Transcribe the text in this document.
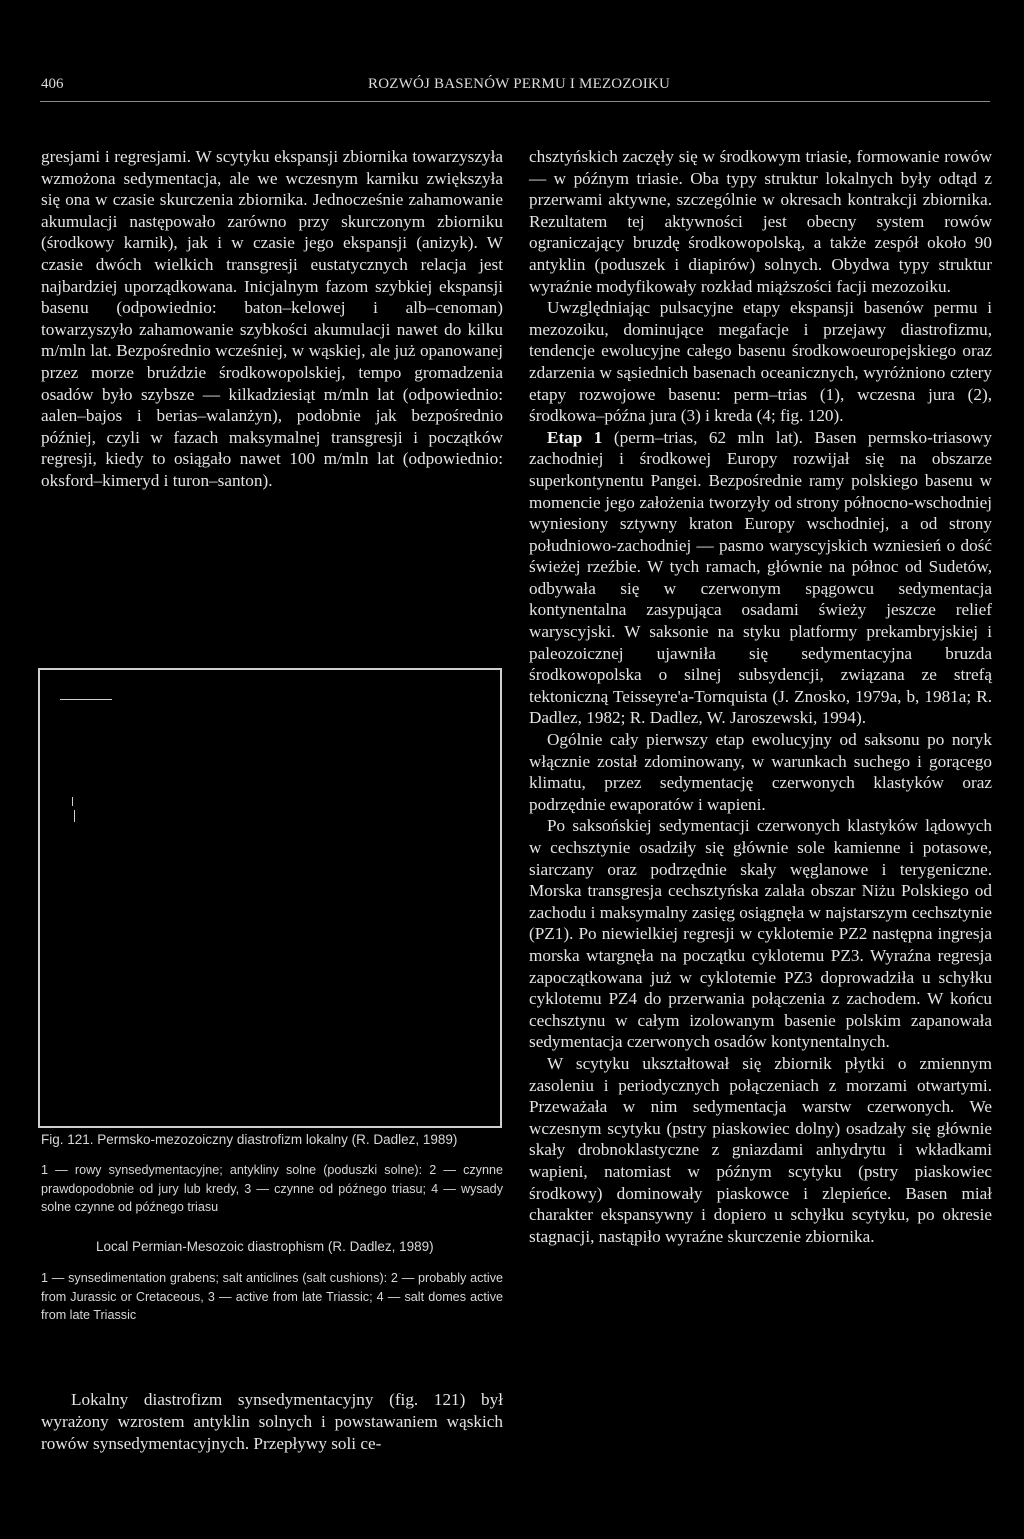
406	ROZWÓJ BASENÓW PERMU I MEZOZOIKU

gresjami i regresjami. W scytyku ekspansji zbiornika towarzyszyła wzmożona sedymentacja, ale we wczesnym karniku zwiększyła się ona w czasie skurczenia zbiornika. Jednocześnie zahamowanie akumulacji następowało zarówno przy skurczonym zbiorniku (środkowy karnik), jak i w czasie jego ekspansji (anizyk). W czasie dwóch wielkich transgresji eustatycznych relacja jest najbardziej uporządkowana. Inicjalnym fazom szybkiej ekspansji basenu (odpowiednio: baton–kelowej i alb–cenoman) towarzyszyło zahamowanie szybkości akumulacji nawet do kilku m/mln lat. Bezpośrednio wcześniej, w wąskiej, ale już opanowanej przez morze bruździe środkowopolskiej, tempo gromadzenia osadów było szybsze — kilkadziesiąt m/mln lat (odpowiednio: aalen–bajos i berias–walanżyn), podobnie jak bezpośrednio później, czyli w fazach maksymalnej transgresji i początków regresji, kiedy to osiągało nawet 100 m/mln lat (odpowiednio: oksford–kimeryd i turon–santon).

Fig. 121. Permsko-mezozoiczny diastrofizm lokalny (R. Dadlez, 1989)
1 — rowy synsedymentacyjne; antykliny solne (poduszki solne): 2 — czynne prawdopodobnie od jury lub kredy, 3 — czynne od późnego triasu; 4 — wysady solne czynne od późnego triasu
Local Permian-Mesozoic diastrophism (R. Dadlez, 1989)
1 — synsedimentation grabens; salt anticlines (salt cushions): 2 — probably active from Jurassic or Cretaceous, 3 — active from late Triassic; 4 — salt domes active from late Triassic

Lokalny diastrofizm synsedymentacyjny (fig. 121) był wyrażony wzrostem antyklin solnych i powstawaniem wąskich rowów synsedymentacyjnych. Przepływy soli ce-

chsztyńskich zaczęły się w środkowym triasie, formowanie rowów — w późnym triasie. Oba typy struktur lokalnych były odtąd z przerwami aktywne, szczególnie w okresach kontrakcji zbiornika. Rezultatem tej aktywności jest obecny system rowów ograniczający bruzdę środkowopolską, a także zespół około 90 antyklin (poduszek i diapirów) solnych. Obydwa typy struktur wyraźnie modyfikowały rozkład miąższości facji mezozoiku.

Uwzględniając pulsacyjne etapy ekspansji basenów permu i mezozoiku, dominujące megafacje i przejawy diastrofizmu, tendencje ewolucyjne całego basenu środkowoeuropejskiego oraz zdarzenia w sąsiednich basenach oceanicznych, wyróżniono cztery etapy rozwojowe basenu: perm–trias (1), wczesna jura (2), środkowa–późna jura (3) i kreda (4; fig. 120).

Etap 1 (perm–trias, 62 mln lat). Basen permsko-triasowy zachodniej i środkowej Europy rozwijał się na obszarze superkontynentu Pangei. Bezpośrednie ramy polskiego basenu w momencie jego założenia tworzyły od strony północno-wschodniej wyniesiony sztywny kraton Europy wschodniej, a od strony południowo-zachodniej — pasmo waryscyjskich wzniesień o dość świeżej rzeźbie. W tych ramach, głównie na północ od Sudetów, odbywała się w czerwonym spągowcu sedymentacja kontynentalna zasypująca osadami świeży jeszcze relief waryscyjski. W saksonie na styku platformy prekambryjskiej i paleozoicznej ujawniła się sedymentacyjna bruzda środkowopolska o silnej subsydencji, związana ze strefą tektoniczną Teisseyre'a-Tornquista (J. Znosko, 1979a, b, 1981a; R. Dadlez, 1982; R. Dadlez, W. Jaroszewski, 1994).

Ogólnie cały pierwszy etap ewolucyjny od saksonu po noryk włącznie został zdominowany, w warunkach suchego i gorącego klimatu, przez sedymentację czerwonych klastyków oraz podrzędnie ewaporatów i wapieni.

Po saksońskiej sedymentacji czerwonych klastyków lądowych w cechsztynie osadziły się głównie sole kamienne i potasowe, siarczany oraz podrzędnie skały węglanowe i terygeniczne. Morska transgresja cechsztyńska zalała obszar Niżu Polskiego od zachodu i maksymalny zasięg osiągnęła w najstarszym cechsztynie (PZ1). Po niewielkiej regresji w cyklotemie PZ2 następna ingresja morska wtargnęła na początku cyklotemu PZ3. Wyraźna regresja zapoczątkowana już w cyklotemie PZ3 doprowadziła u schyłku cyklotemu PZ4 do przerwania połączenia z zachodem. W końcu cechsztynu w całym izolowanym basenie polskim zapanowała sedymentacja czerwonych osadów kontynentalnych.

W scytyku ukształtował się zbiornik płytki o zmiennym zasoleniu i periodycznych połączeniach z morzami otwartymi. Przeważała w nim sedymentacja warstw czerwonych. We wczesnym scytyku (pstry piaskowiec dolny) osadzały się głównie skały drobnoklastyczne z gniazdami anhydrytu i wkładkami wapieni, natomiast w późnym scytyku (pstry piaskowiec środkowy) dominowały piaskowce i zlepieńce. Basen miał charakter ekspansywny i dopiero u schyłku scytyku, po okresie stagnacji, nastąpiło wyraźne skurczenie zbiornika.
